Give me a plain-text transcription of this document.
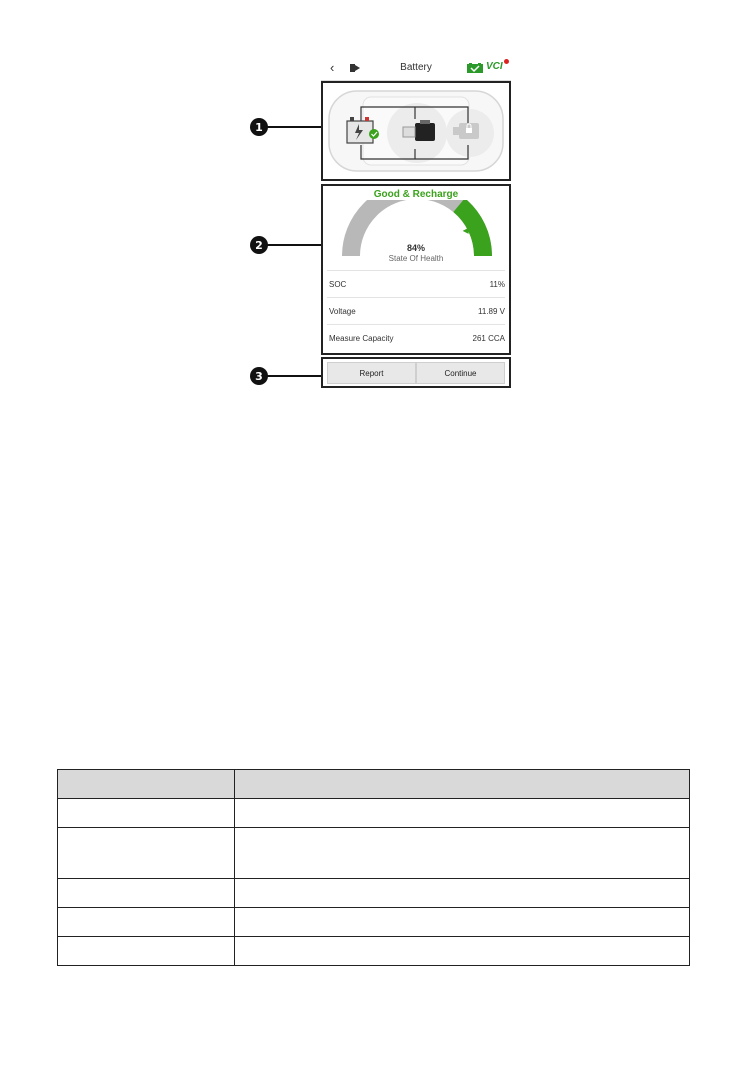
1
2
3
‹	Battery	VCI
Good & Recharge
84%
State Of Health
SOC	11%
Voltage	11.89 V
Measure Capacity	261 CCA
Report	Continue
